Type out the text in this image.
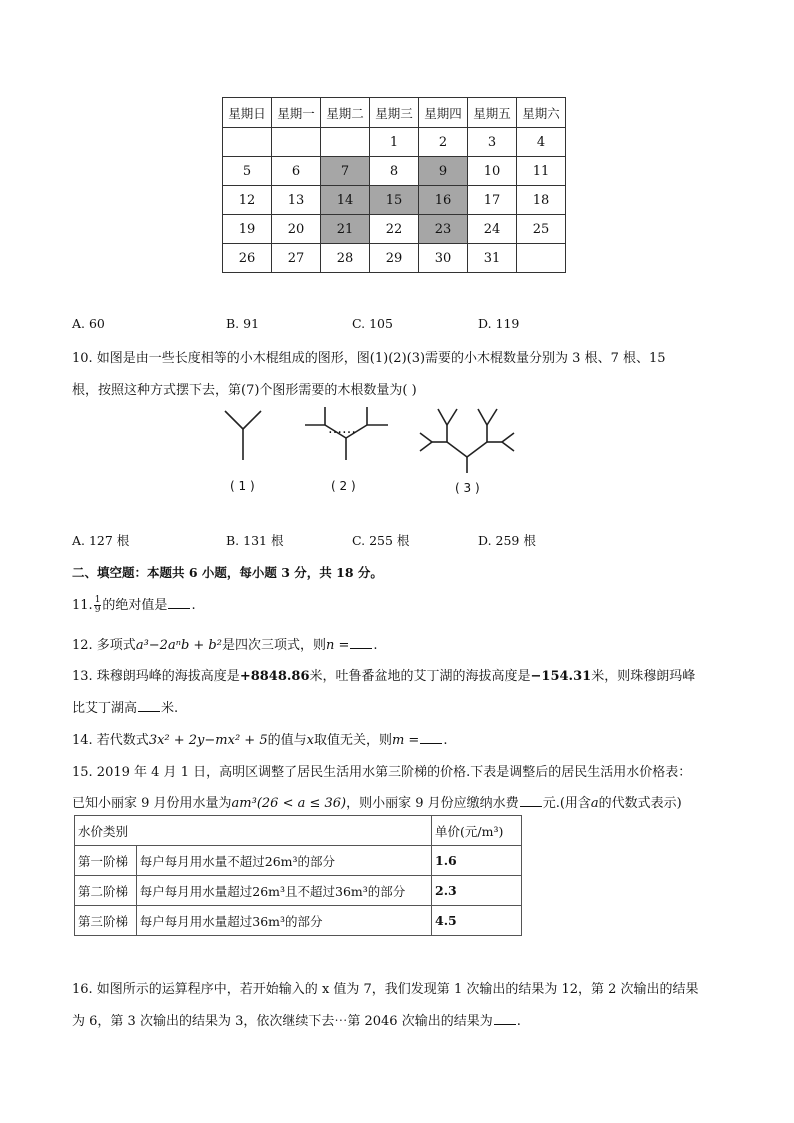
星期日	星期一	星期二	星期三	星期四	星期五	星期六
			1	2	3	4
5	6	7	8	9	10	11
12	13	14	15	16	17	18
19	20	21	22	23	24	25
26	27	28	29	30	31	
A. 60	B. 91	C. 105	D. 119
10. 如图是由一些长度相等的小木棍组成的图形，图(1)(2)(3)需要的小木棍数量分别为 3 根、7 根、15
根，按照这种方式摆下去，第(7)个图形需要的木根数量为( )
……
( 1 )	( 2 )	( 3 )
A. 127 根	B. 131 根	C. 255 根	D. 259 根
二、填空题：本题共 6 小题，每小题 3 分，共 18 分。
11. $\frac{1}{9}$ 的绝对值是 .
12. 多项式a³−2aⁿb + b²是四次三项式，则n = .
13. 珠穆朗玛峰的海拔高度是+8848.86米，吐鲁番盆地的艾丁湖的海拔高度是−154.31米，则珠穆朗玛峰
比艾丁湖高 米.
14. 若代数式3x² + 2y−mx² + 5的值与x取值无关，则m = .
15. 2019 年 4 月 1 日，高明区调整了居民生活用水第三阶梯的价格.下表是调整后的居民生活用水价格表：
已知小丽家 9 月份用水量为am³(26 < a ≤ 36)，则小丽家 9 月份应缴纳水费 元.(用含a的代数式表示)
水价类别		单价(元/m³)
第一阶梯	每户每月用水量不超过26m³的部分	1.6
第二阶梯	每户每月用水量超过26m³且不超过36m³的部分	2.3
第三阶梯	每户每月用水量超过36m³的部分	4.5
16. 如图所示的运算程序中，若开始输入的 x 值为 7，我们发现第 1 次输出的结果为 12，第 2 次输出的结果
为 6，第 3 次输出的结果为 3，依次继续下去⋯第 2046 次输出的结果为 .
